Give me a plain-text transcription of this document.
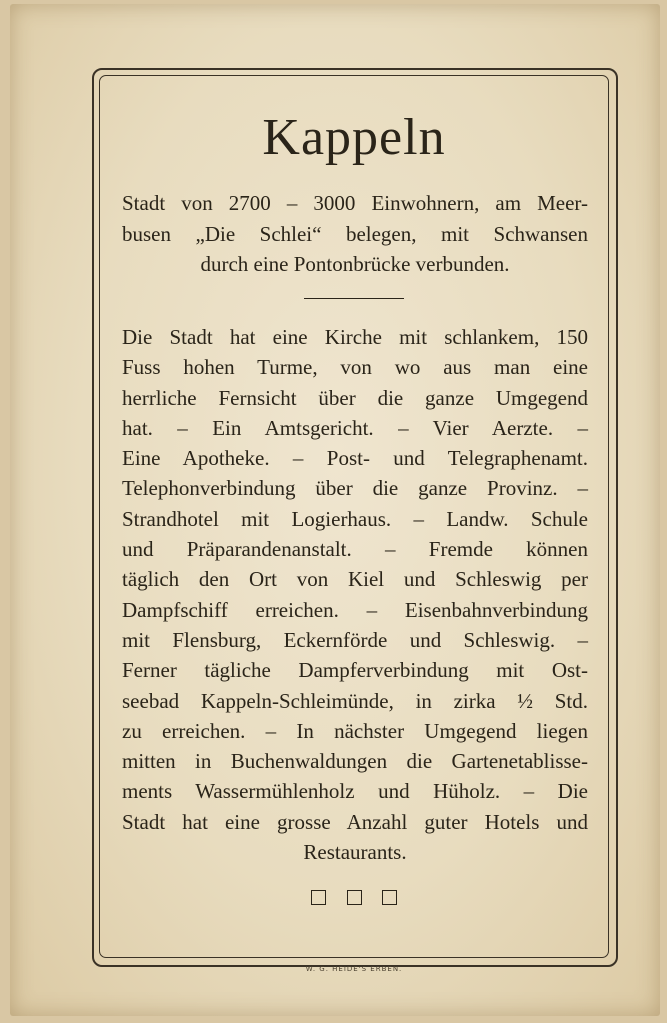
Kappeln
Stadt von 2700 – 3000 Einwohnern, am Meer-
busen „Die Schlei“ belegen, mit Schwansen
durch eine Pontonbrücke verbunden.
Die Stadt hat eine Kirche mit schlankem, 150
Fuss hohen Turme, von wo aus man eine
herrliche Fernsicht über die ganze Umgegend
hat. – Ein Amtsgericht. – Vier Aerzte. –
Eine Apotheke. – Post- und Telegraphenamt.
Telephonverbindung über die ganze Provinz. –
Strandhotel mit Logierhaus. – Landw. Schule
und Präparandenanstalt. – Fremde können
täglich den Ort von Kiel und Schleswig per
Dampfschiff erreichen. – Eisenbahnverbindung
mit Flensburg, Eckernförde und Schleswig. –
Ferner tägliche Dampferverbindung mit Ost-
seebad Kappeln-Schleimünde, in zirka ½ Std.
zu erreichen. – In nächster Umgegend liegen
mitten in Buchenwaldungen die Gartenetablisse-
ments Wassermühlenholz und Hüholz. – Die
Stadt hat eine grosse Anzahl guter Hotels und
Restaurants.
W. G. HEIDE'S ERBEN.
